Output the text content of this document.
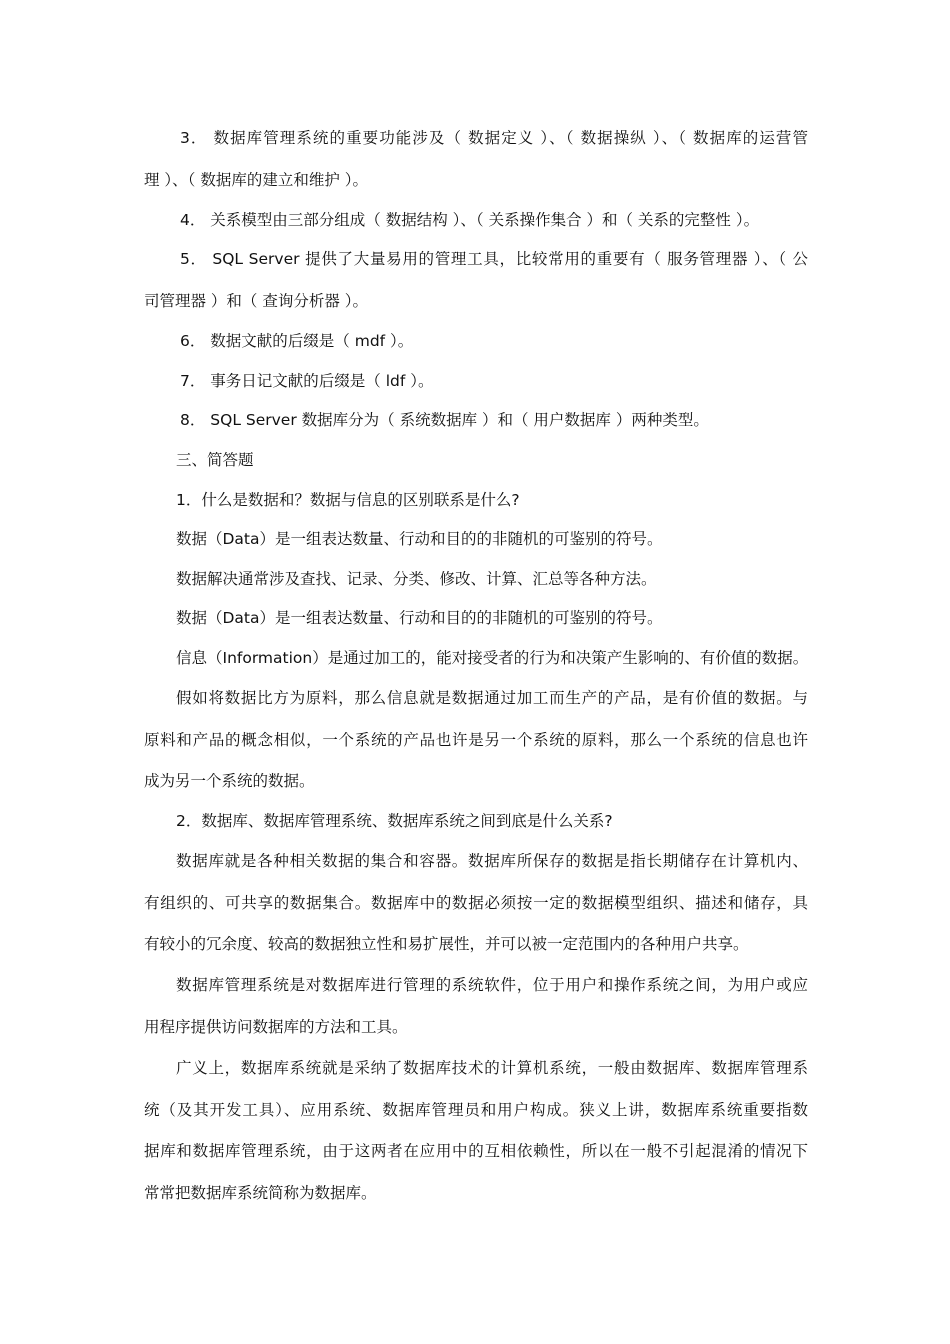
3． 数据库管理系统的重要功能涉及（ 数据定义 ）、（ 数据操纵 ）、（ 数据库的运营管
理 ）、（ 数据库的建立和维护 ）。
4． 关系模型由三部分组成（ 数据结构 ）、（ 关系操作集合 ）和（ 关系的完整性 ）。
5． SQL Server 提供了大量易用的管理工具，比较常用的重要有（ 服务管理器 ）、（ 公
司管理器 ）和（ 查询分析器 ）。
6． 数据文献的后缀是（ mdf ）。
7． 事务日记文献的后缀是（ ldf ）。
8． SQL Server 数据库分为（ 系统数据库 ）和（ 用户数据库 ）两种类型。
三、简答题
1．什么是数据和？数据与信息的区别联系是什么?
数据（Data）是一组表达数量、行动和目的的非随机的可鉴别的符号。
数据解决通常涉及查找、记录、分类、修改、计算、汇总等各种方法。
数据（Data）是一组表达数量、行动和目的的非随机的可鉴别的符号。
信息（Information）是通过加工的，能对接受者的行为和决策产生影响的、有价值的数据。
假如将数据比方为原料，那么信息就是数据通过加工而生产的产品，是有价值的数据。与
原料和产品的概念相似，一个系统的产品也许是另一个系统的原料，那么一个系统的信息也许
成为另一个系统的数据。
2．数据库、数据库管理系统、数据库系统之间到底是什么关系?
数据库就是各种相关数据的集合和容器。数据库所保存的数据是指长期储存在计算机内、
有组织的、可共享的数据集合。数据库中的数据必须按一定的数据模型组织、描述和储存，具
有较小的冗余度、较高的数据独立性和易扩展性，并可以被一定范围内的各种用户共享。
数据库管理系统是对数据库进行管理的系统软件，位于用户和操作系统之间，为用户或应
用程序提供访问数据库的方法和工具。
广义上，数据库系统就是采纳了数据库技术的计算机系统，一般由数据库、数据库管理系
统（及其开发工具）、应用系统、数据库管理员和用户构成。狭义上讲，数据库系统重要指数
据库和数据库管理系统，由于这两者在应用中的互相依赖性，所以在一般不引起混淆的情况下
常常把数据库系统简称为数据库。
